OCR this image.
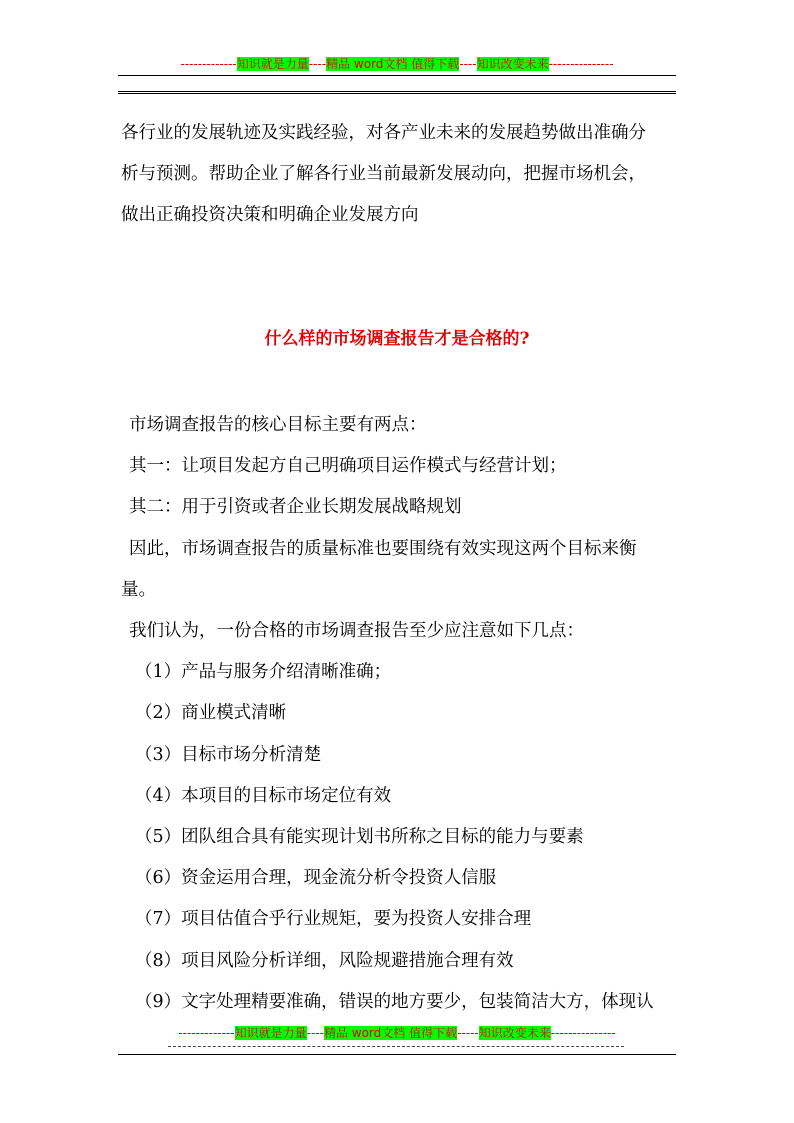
-------------知识就是力量----精品 word文档 值得下载----知识改变未来---------------
各行业的发展轨迹及实践经验，对各产业未来的发展趋势做出准确分
析与预测。帮助企业了解各行业当前最新发展动向，把握市场机会，
做出正确投资决策和明确企业发展方向
什么样的市场调查报告才是合格的?
市场调查报告的核心目标主要有两点：
其一：让项目发起方自己明确项目运作模式与经营计划；
其二：用于引资或者企业长期发展战略规划
因此，市场调查报告的质量标准也要围绕有效实现这两个目标来衡
量。
我们认为，一份合格的市场调查报告至少应注意如下几点：
（1）产品与服务介绍清晰准确；
（2）商业模式清晰
（3）目标市场分析清楚
（4）本项目的目标市场定位有效
（5）团队组合具有能实现计划书所称之目标的能力与要素
（6）资金运用合理，现金流分析令投资人信服
（7）项目估值合乎行业规矩，要为投资人安排合理
（8）项目风险分析详细，风险规避措施合理有效
（9）文字处理精要准确，错误的地方要少，包装简洁大方，体现认
-------------知识就是力量----精品 word文档 值得下载-----知识改变未来---------------
